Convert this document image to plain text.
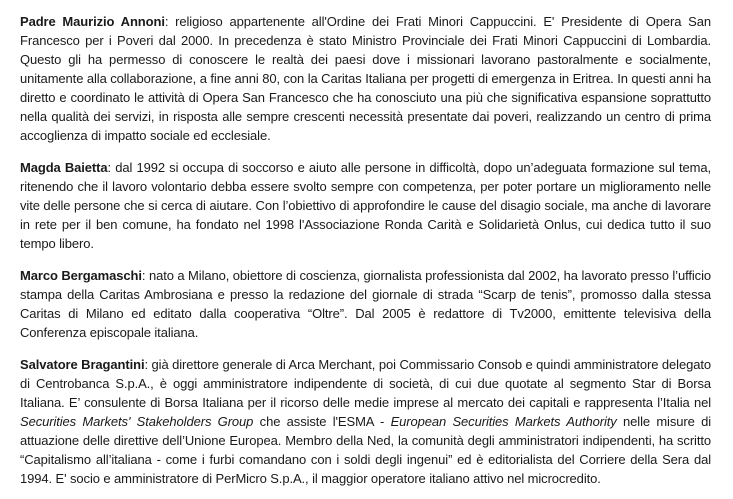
Padre Maurizio Annoni: religioso appartenente all'Ordine dei Frati Minori Cappuccini. E' Presidente di Opera San Francesco per i Poveri dal 2000. In precedenza è stato Ministro Provinciale dei Frati Minori Cappuccini di Lombardia. Questo gli ha permesso di conoscere le realtà dei paesi dove i missionari lavorano pastoralmente e socialmente, unitamente alla collaborazione, a fine anni 80, con la Caritas Italiana per progetti di emergenza in Eritrea. In questi anni ha diretto e coordinato le attività di Opera San Francesco che ha conosciuto una più che significativa espansione soprattutto nella qualità dei servizi, in risposta alle sempre crescenti necessità presentate dai poveri, realizzando un centro di prima accoglienza di impatto sociale ed ecclesiale.

Magda Baietta: dal 1992 si occupa di soccorso e aiuto alle persone in difficoltà, dopo un’adeguata formazione sul tema, ritenendo che il lavoro volontario debba essere svolto sempre con competenza, per poter portare un miglioramento nelle vite delle persone che si cerca di aiutare. Con l’obiettivo di approfondire le cause del disagio sociale, ma anche di lavorare in rete per il ben comune, ha fondato nel 1998 l'Associazione Ronda Carità e Solidarietà Onlus, cui dedica tutto il suo tempo libero.

Marco Bergamaschi: nato a Milano, obiettore di coscienza, giornalista professionista dal 2002, ha lavorato presso l’ufficio stampa della Caritas Ambrosiana e presso la redazione del giornale di strada “Scarp de tenis”, promosso dalla stessa Caritas di Milano ed editato dalla cooperativa “Oltre”. Dal 2005 è redattore di Tv2000, emittente televisiva della Conferenza episcopale italiana.

Salvatore Bragantini: già direttore generale di Arca Merchant, poi Commissario Consob e quindi amministratore delegato di Centrobanca S.p.A., è oggi amministratore indipendente di società, di cui due quotate al segmento Star di Borsa Italiana. E’ consulente di Borsa Italiana per il ricorso delle medie imprese al mercato dei capitali e rappresenta l’Italia nel Securities Markets' Stakeholders Group che assiste l'ESMA - European Securities Markets Authority nelle misure di attuazione delle direttive dell’Unione Europea. Membro della Ned, la comunità degli amministratori indipendenti, ha scritto “Capitalismo all’italiana - come i furbi comandano con i soldi degli ingenui” ed è editorialista del Corriere della Sera dal 1994. E' socio e amministratore di PerMicro S.p.A., il maggior operatore italiano attivo nel microcredito.
